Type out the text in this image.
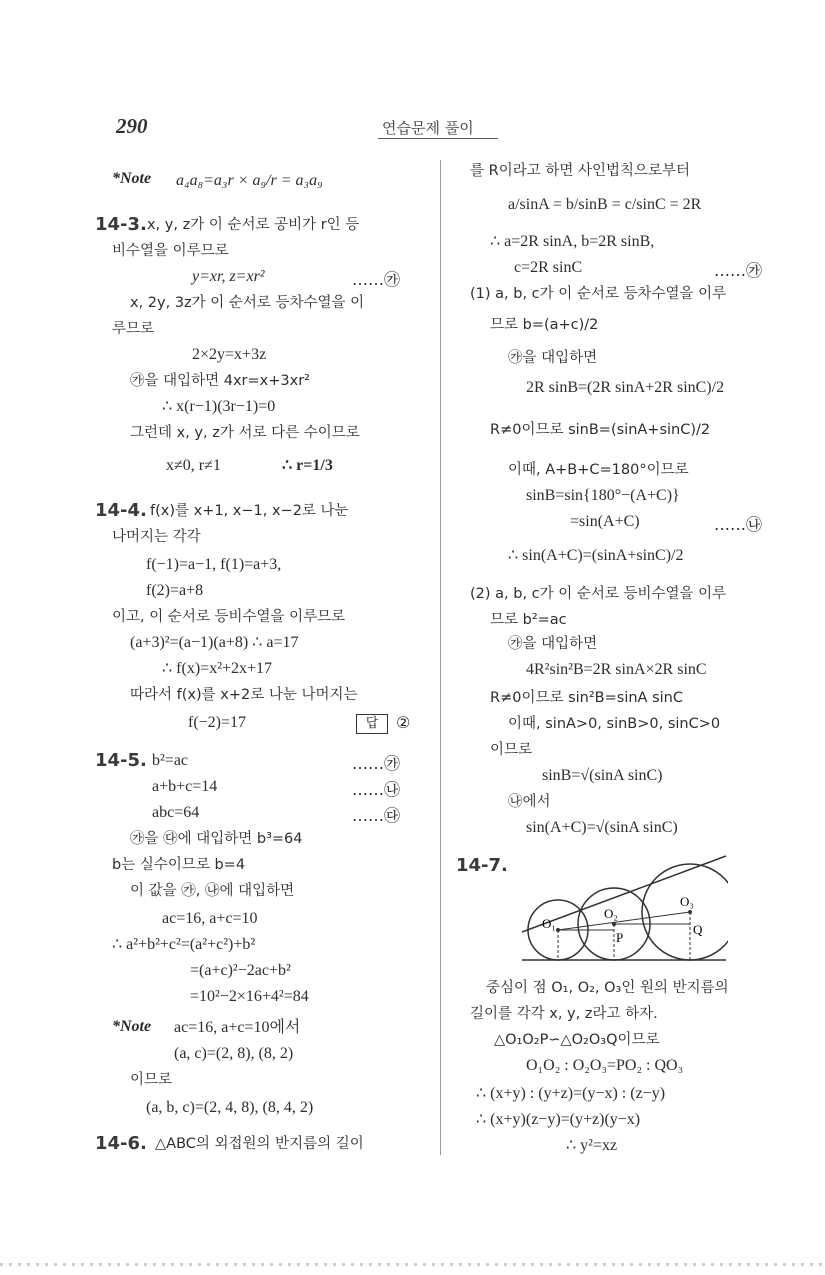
290	연습문제 풀이
*Note a₄a₈=a₃r × a₉/r = a₃a₉
14-3. x, y, z가 이 순서로 공비가 r인 등
비수열을 이루므로
y=xr, z=xr²	……㉮
x, 2y, 3z가 이 순서로 등차수열을 이
루므로
2×2y=x+3z
㉮을 대입하면 4xr=x+3xr²
∴ x(r−1)(3r−1)=0
그런데 x, y, z가 서로 다른 수이므로
x≠0, r≠1	∴ r=1/3
14-4. f(x)를 x+1, x−1, x−2로 나눈
나머지는 각각
f(−1)=a−1, f(1)=a+3,
f(2)=a+8
이고, 이 순서로 등비수열을 이루므로
(a+3)²=(a−1)(a+8) ∴ a=17
∴ f(x)=x²+2x+17
따라서 f(x)를 x+2로 나눈 나머지는
f(−2)=17	답	②
14-5. b²=ac	……㉮
a+b+c=14	……㉯
abc=64	……㉰
㉮을 ㉰에 대입하면 b³=64
b는 실수이므로 b=4
이 값을 ㉮, ㉯에 대입하면
ac=16, a+c=10
∴ a²+b²+c²=(a²+c²)+b²
=(a+c)²−2ac+b²
=10²−2×16+4²=84
*Note ac=16, a+c=10에서
(a, c)=(2, 8), (8, 2)
이므로
(a, b, c)=(2, 4, 8), (8, 4, 2)
14-6. △ABC의 외접원의 반지름의 길이
를 R이라고 하면 사인법칙으로부터
a/sinA = b/sinB = c/sinC = 2R
∴ a=2R sinA, b=2R sinB,
c=2R sinC	……㉮
(1) a, b, c가 이 순서로 등차수열을 이루
므로 b=(a+c)/2
㉮을 대입하면
2R sinB=(2R sinA+2R sinC)/2
R≠0이므로 sinB=(sinA+sinC)/2
이때, A+B+C=180°이므로
sinB=sin{180°−(A+C)}
=sin(A+C)	……㉯
∴ sin(A+C)=(sinA+sinC)/2
(2) a, b, c가 이 순서로 등비수열을 이루
므로 b²=ac
㉮을 대입하면
4R²sin²B=2R sinA×2R sinC
R≠0이므로 sin²B=sinA sinC
이때, sinA>0, sinB>0, sinC>0
이므로
sinB=√(sinA sinC)
㉯에서
sin(A+C)=√(sinA sinC)
14-7.
O₁
O₂
O₃
P
Q
중심이 점 O₁, O₂, O₃인 원의 반지름의
길이를 각각 x, y, z라고 하자.
△O₁O₂P∽△O₂O₃Q이므로
O₁O₂ : O₂O₃=PO₂ : QO₃
∴ (x+y) : (y+z)=(y−x) : (z−y)
∴ (x+y)(z−y)=(y+z)(y−x)
∴ y²=xz
